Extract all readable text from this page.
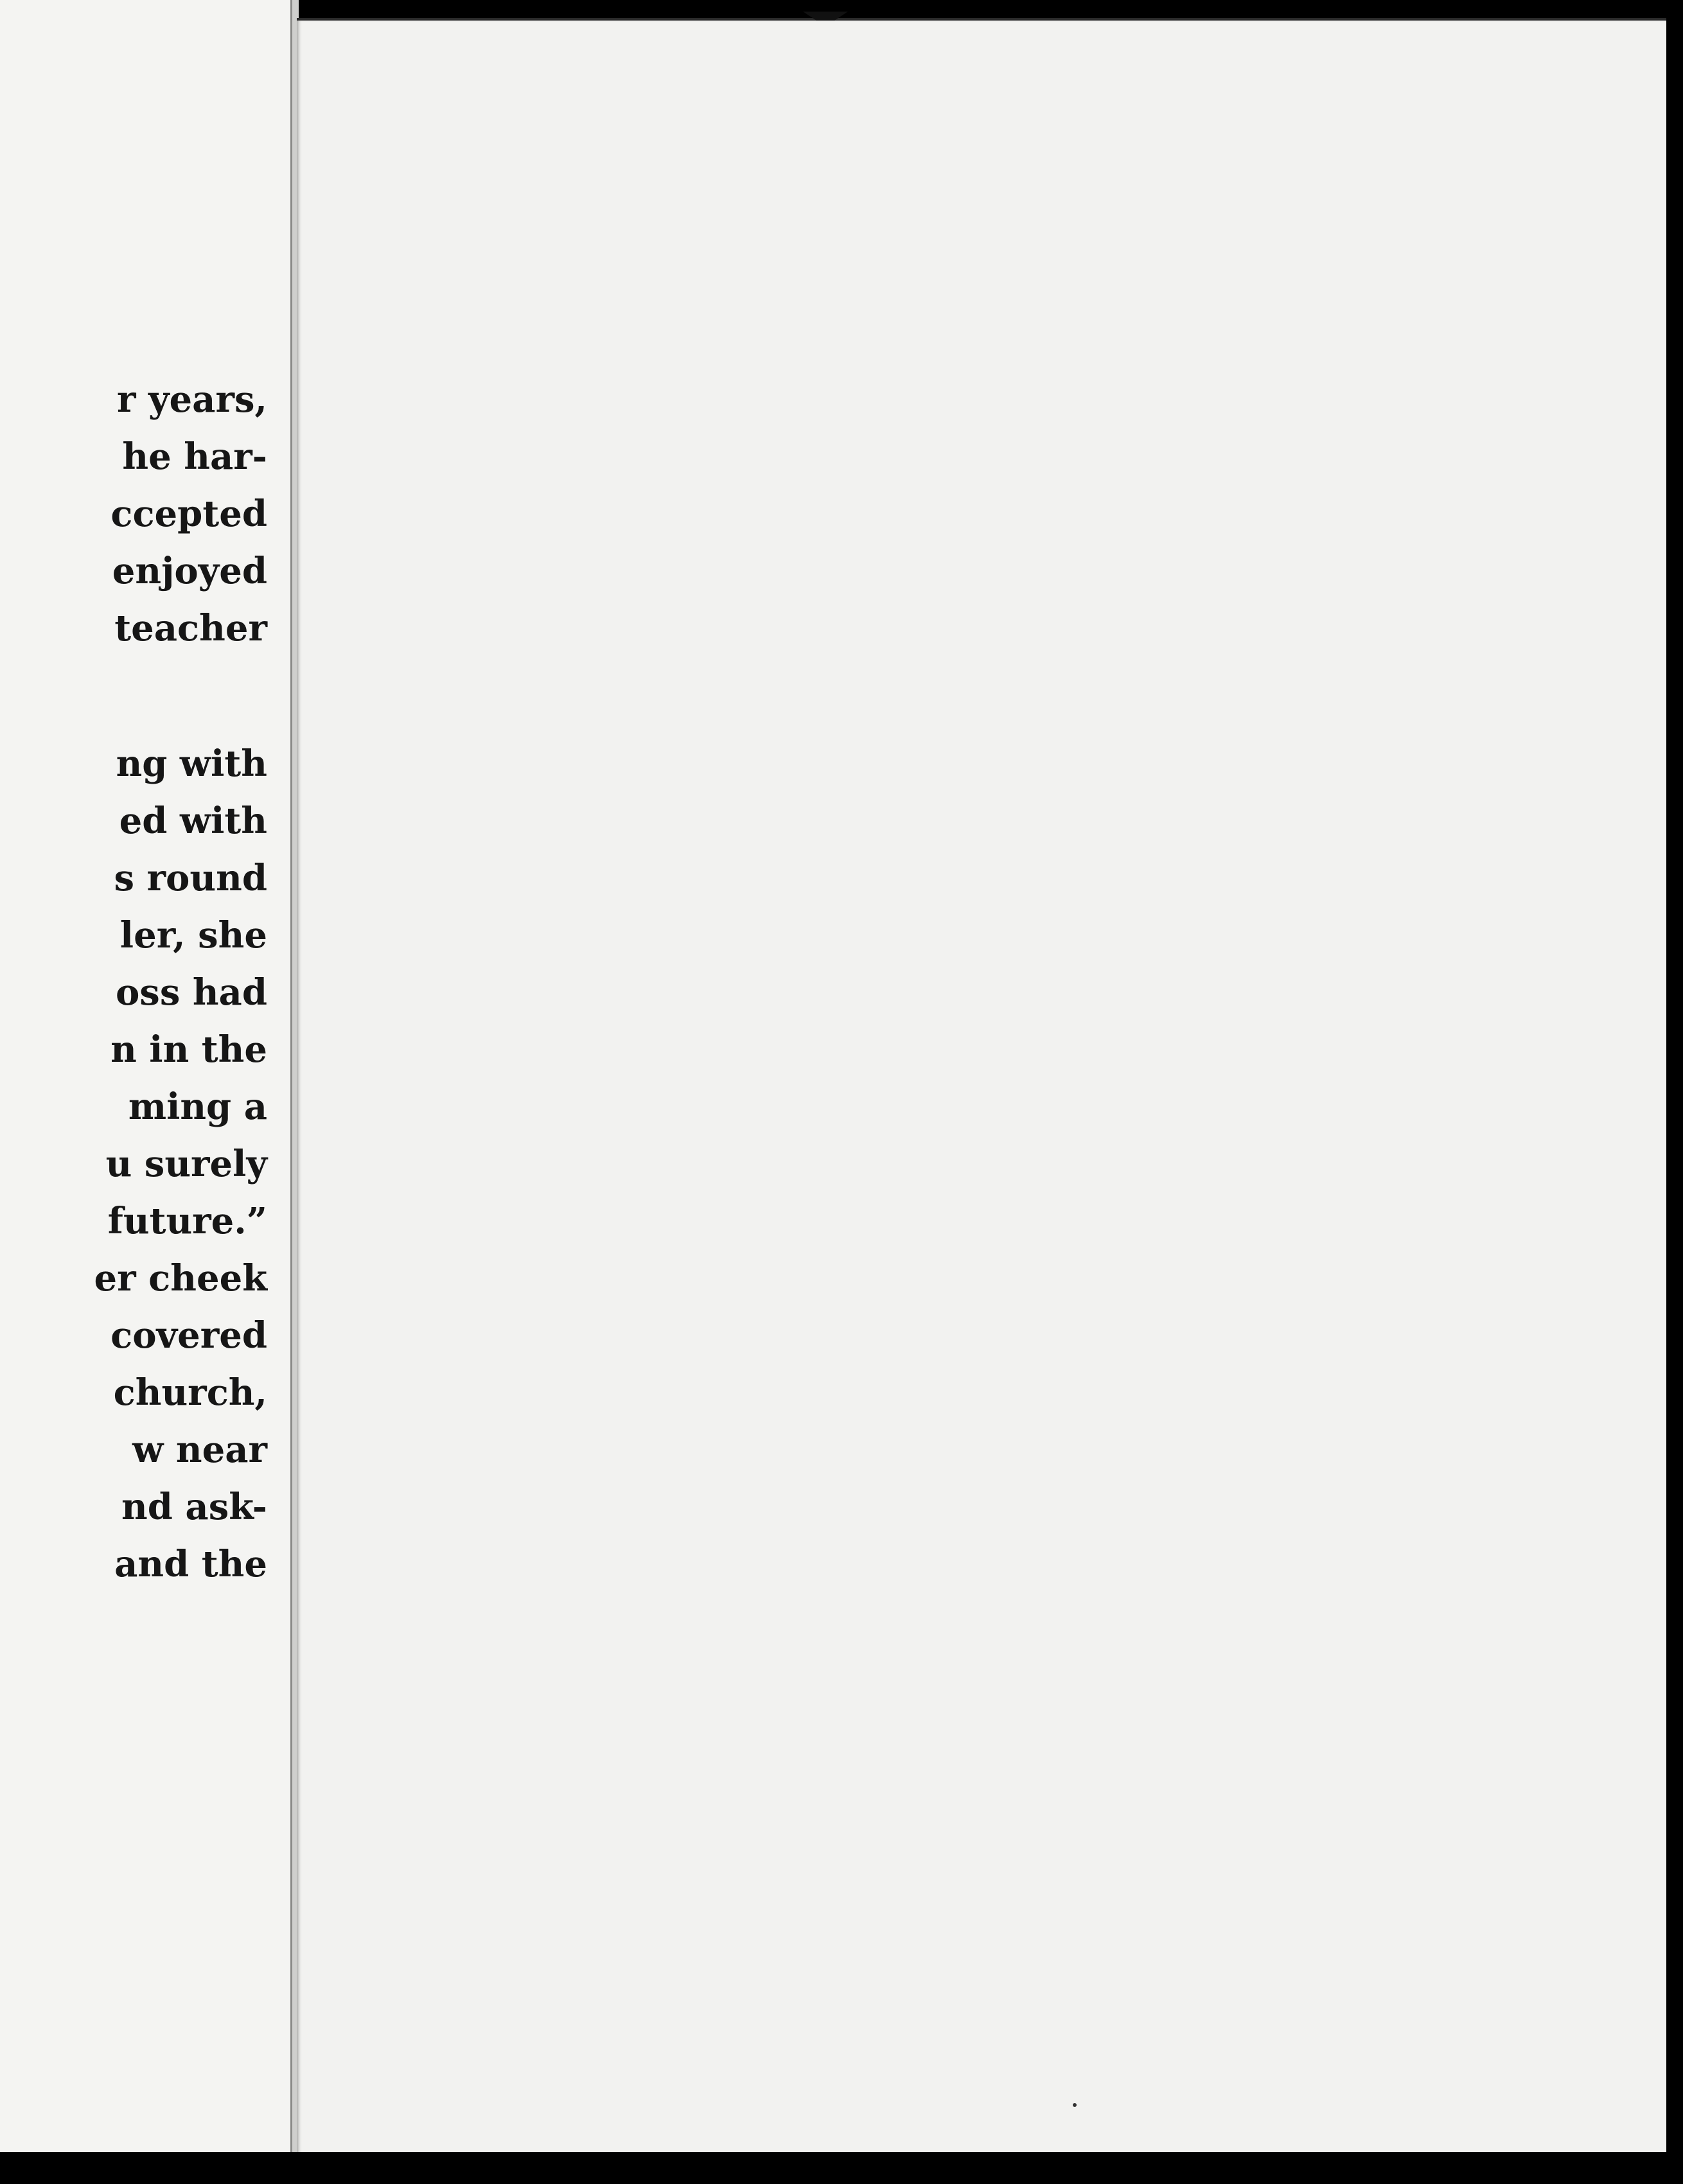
r years,
he har-
ccepted
enjoyed
teacher
ng with
ed with
s round
ler, she
oss had
n in the
ming a
u surely
future.”
er cheek
covered
church,
w near
nd ask-
and the
